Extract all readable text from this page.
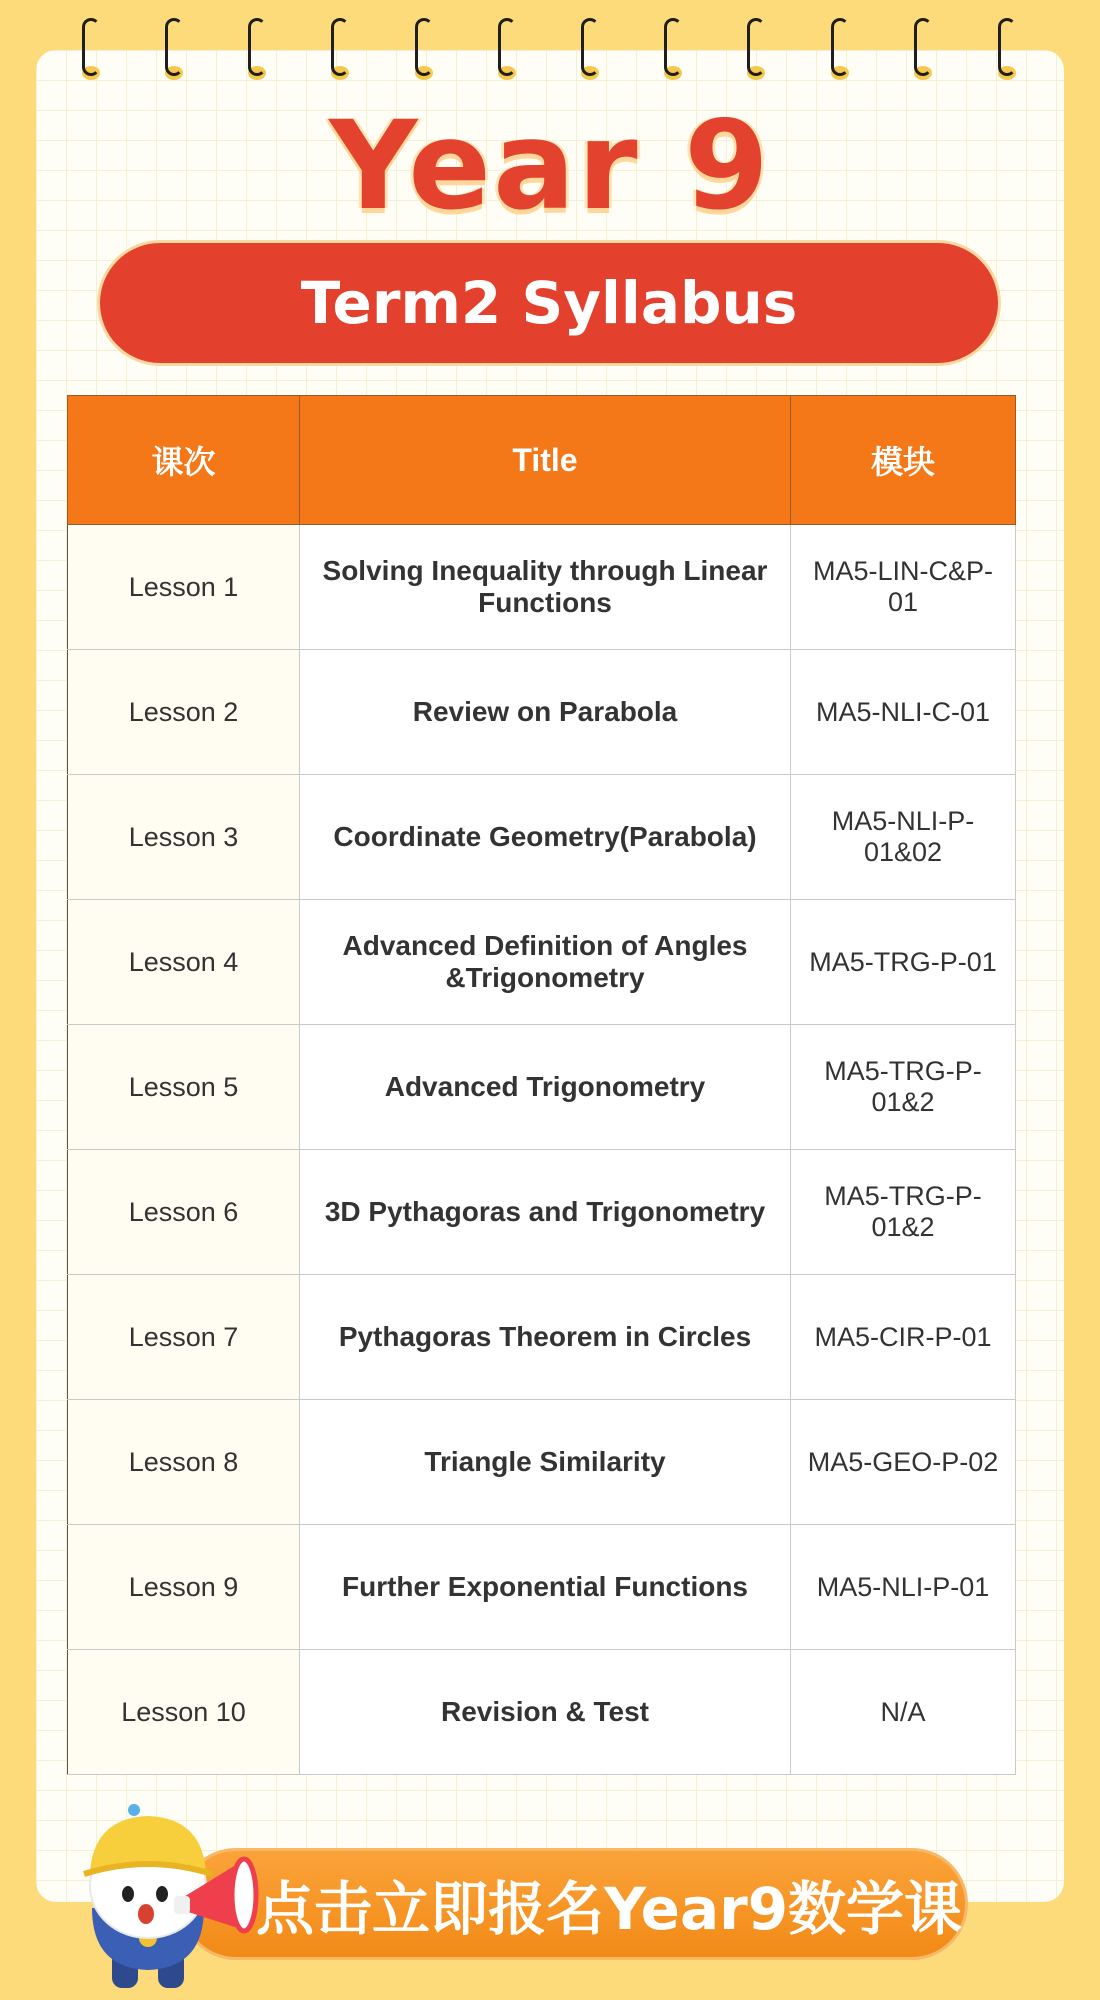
Year 9
Term2 Syllabus
课次	Title	模块
Lesson 1	Solving Inequality through Linear Functions	MA5-LIN-C&P-01
Lesson 2	Review on Parabola	MA5-NLI-C-01
Lesson 3	Coordinate Geometry(Parabola)	MA5-NLI-P-01&02
Lesson 4	Advanced Definition of Angles &Trigonometry	MA5-TRG-P-01
Lesson 5	Advanced Trigonometry	MA5-TRG-P-01&2
Lesson 6	3D Pythagoras and Trigonometry	MA5-TRG-P-01&2
Lesson 7	Pythagoras Theorem in Circles	MA5-CIR-P-01
Lesson 8	Triangle Similarity	MA5-GEO-P-02
Lesson 9	Further Exponential Functions	MA5-NLI-P-01
Lesson 10	Revision & Test	N/A
点击立即报名Year9数学课
